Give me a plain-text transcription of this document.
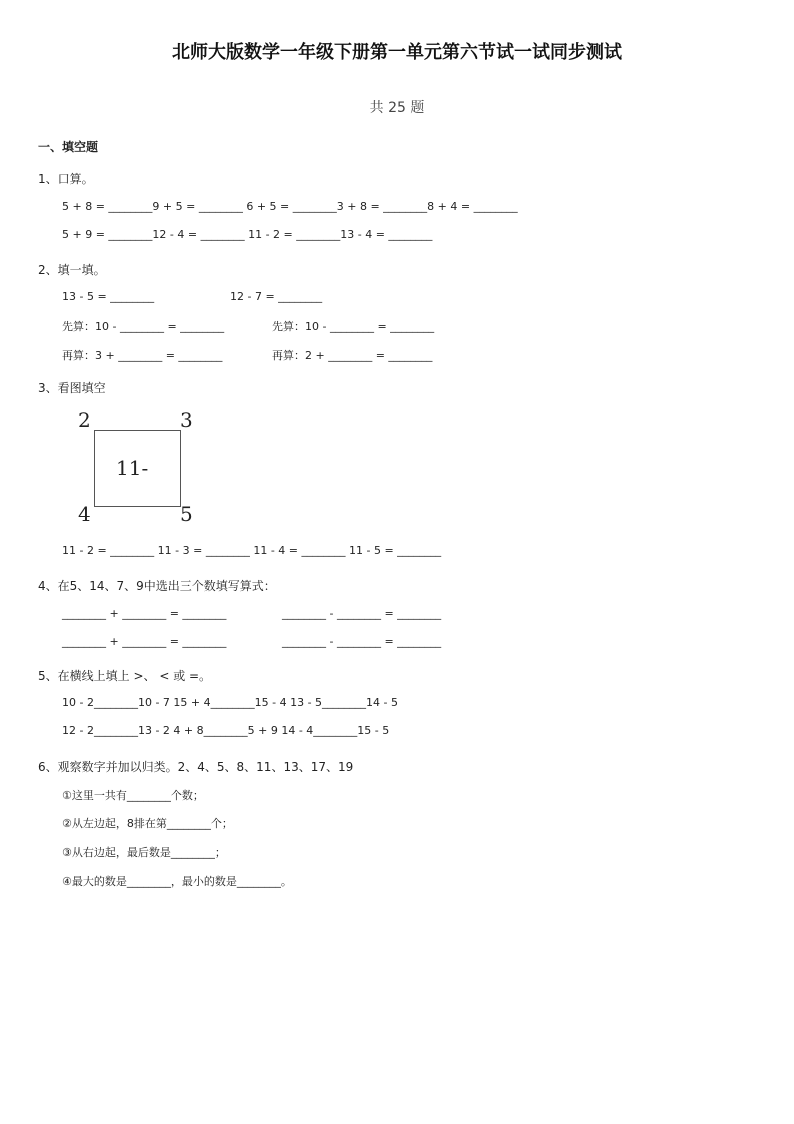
北师大版数学一年级下册第一单元第六节试一试同步测试
共 25 题
一、填空题
1、口算。
5 + 8 = ________9 + 5 = ________ 6 + 5 = ________3 + 8 = ________8 + 4 = ________
5 + 9 = ________12 - 4 = ________ 11 - 2 = ________13 - 4 = ________
2、填一填。
13 - 5 = ________	12 - 7 = ________
先算：10 - ________ = ________	先算：10 - ________ = ________
再算：3 + ________ = ________	再算：2 + ________ = ________
3、看图填空
2	3
4	5
11-
11 - 2 = ________ 11 - 3 = ________ 11 - 4 = ________ 11 - 5 = ________
4、在5、14、7、9中选出三个数填写算式：
________ + ________ = ________	________ - ________ = ________
________ + ________ = ________	________ - ________ = ________
5、在横线上填上 >、 < 或 =。
10 - 2________10 - 7 15 + 4________15 - 4 13 - 5________14 - 5
12 - 2________13 - 2 4 + 8________5 + 9 14 - 4________15 - 5
6、观察数字并加以归类。2、4、5、8、11、13、17、19
①这里一共有________个数；
②从左边起，8排在第________个；
③从右边起，最后数是________；
④最大的数是________，最小的数是________。
